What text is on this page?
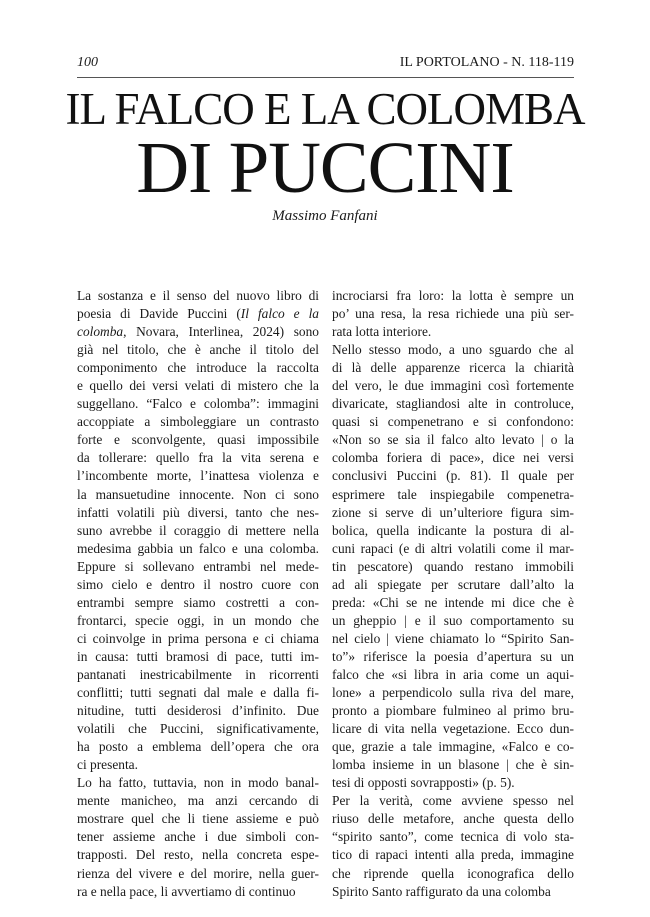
100	IL PORTOLANO - N. 118-119
IL FALCO E LA COLOMBA
DI PUCCINI
Massimo Fanfani
La sostanza e il senso del nuovo libro di
poesia di Davide Puccini (Il falco e la
colomba, Novara, Interlinea, 2024) sono
già nel titolo, che è anche il titolo del
componimento che introduce la raccolta
e quello dei versi velati di mistero che la
suggellano. “Falco e colomba”: immagini
accoppiate a simboleggiare un contrasto
forte e sconvolgente, quasi impossibile
da tollerare: quello fra la vita serena e
l’incombente morte, l’inattesa violenza e
la mansuetudine innocente. Non ci sono
infatti volatili più diversi, tanto che nes-
suno avrebbe il coraggio di mettere nella
medesima gabbia un falco e una colomba.
Eppure si sollevano entrambi nel mede-
simo cielo e dentro il nostro cuore con
entrambi sempre siamo costretti a con-
frontarci, specie oggi, in un mondo che
ci coinvolge in prima persona e ci chiama
in causa: tutti bramosi di pace, tutti im-
pantanati inestricabilmente in ricorrenti
conflitti; tutti segnati dal male e dalla fi-
nitudine, tutti desiderosi d’infinito. Due
volatili che Puccini, significativamente,
ha posto a emblema dell’opera che ora
ci presenta.
Lo ha fatto, tuttavia, non in modo banal-
mente manicheo, ma anzi cercando di
mostrare quel che li tiene assieme e può
tener assieme anche i due simboli con-
trapposti. Del resto, nella concreta espe-
rienza del vivere e del morire, nella guer-
ra e nella pace, li avvertiamo di continuo
incrociarsi fra loro: la lotta è sempre un
po’ una resa, la resa richiede una più ser-
rata lotta interiore.
Nello stesso modo, a uno sguardo che al
di là delle apparenze ricerca la chiarità
del vero, le due immagini così fortemente
divaricate, stagliandosi alte in controluce,
quasi si compenetrano e si confondono:
«Non so se sia il falco alto levato | o la
colomba foriera di pace», dice nei versi
conclusivi Puccini (p. 81). Il quale per
esprimere tale inspiegabile compenetra-
zione si serve di un’ulteriore figura sim-
bolica, quella indicante la postura di al-
cuni rapaci (e di altri volatili come il mar-
tin pescatore) quando restano immobili
ad ali spiegate per scrutare dall’alto la
preda: «Chi se ne intende mi dice che è
un gheppio | e il suo comportamento su
nel cielo | viene chiamato lo “Spirito San-
to”» riferisce la poesia d’apertura su un
falco che «si libra in aria come un aqui-
lone» a perpendicolo sulla riva del mare,
pronto a piombare fulmineo al primo bru-
licare di vita nella vegetazione. Ecco dun-
que, grazie a tale immagine, «Falco e co-
lomba insieme in un blasone | che è sin-
tesi di opposti sovrapposti» (p. 5).
Per la verità, come avviene spesso nel
riuso delle metafore, anche questa dello
“spirito santo”, come tecnica di volo sta-
tico di rapaci intenti alla preda, immagine
che riprende quella iconografica dello
Spirito Santo raffigurato da una colomba
